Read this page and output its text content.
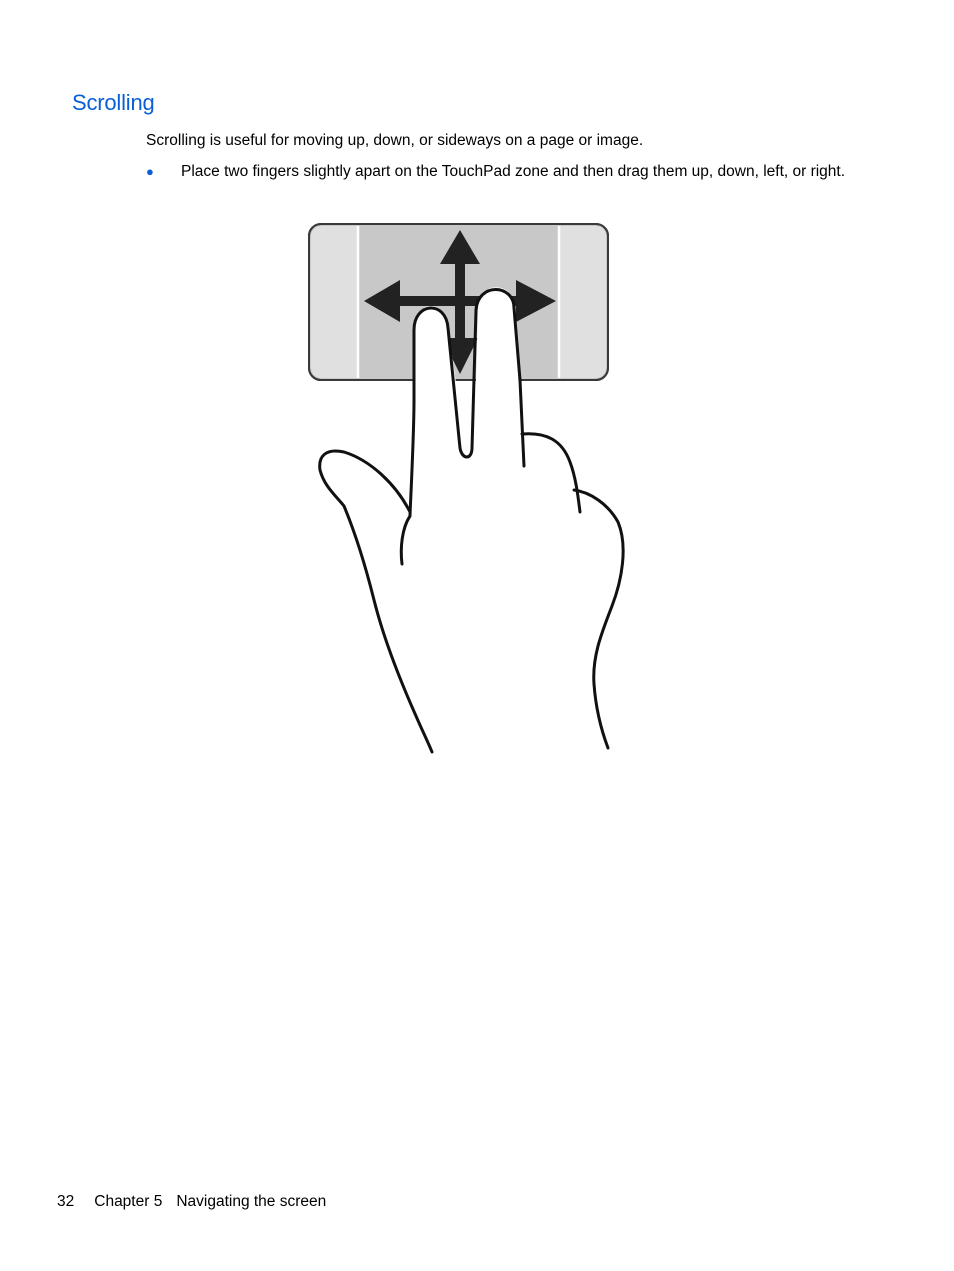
Scrolling

Scrolling is useful for moving up, down, or sideways on a page or image.

● Place two fingers slightly apart on the TouchPad zone and then drag them up, down, left, or right.

32 Chapter 5 Navigating the screen
